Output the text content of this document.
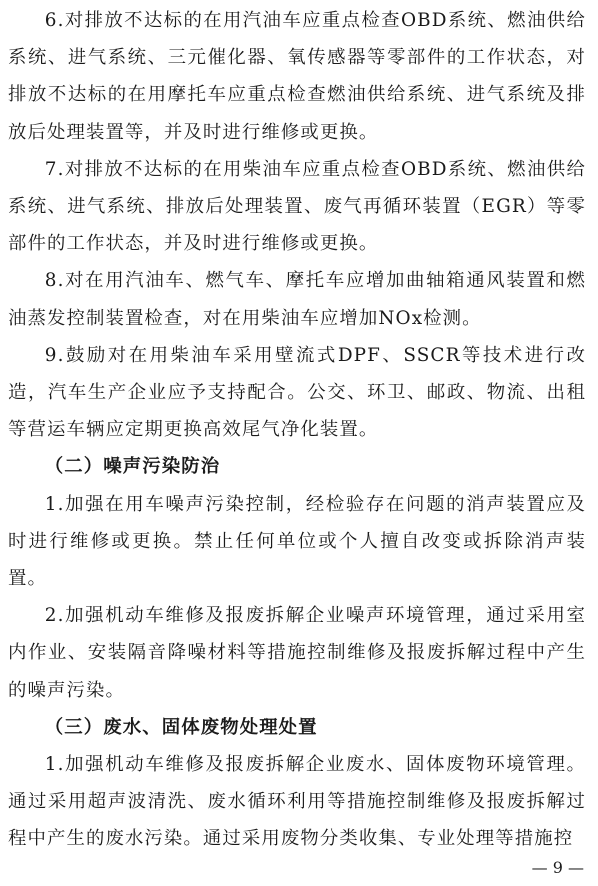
6.对排放不达标的在用汽油车应重点检查OBD系统、燃油供给系统、进气系统、三元催化器、氧传感器等零部件的工作状态，对排放不达标的在用摩托车应重点检查燃油供给系统、进气系统及排放后处理装置等，并及时进行维修或更换。

7.对排放不达标的在用柴油车应重点检查OBD系统、燃油供给系统、进气系统、排放后处理装置、废气再循环装置（EGR）等零部件的工作状态，并及时进行维修或更换。

8.对在用汽油车、燃气车、摩托车应增加曲轴箱通风装置和燃油蒸发控制装置检查，对在用柴油车应增加NOx检测。

9.鼓励对在用柴油车采用壁流式DPF、SSCR等技术进行改造，汽车生产企业应予支持配合。公交、环卫、邮政、物流、出租等营运车辆应定期更换高效尾气净化装置。

（二）噪声污染防治

1.加强在用车噪声污染控制，经检验存在问题的消声装置应及时进行维修或更换。禁止任何单位或个人擅自改变或拆除消声装置。

2.加强机动车维修及报废拆解企业噪声环境管理，通过采用室内作业、安装隔音降噪材料等措施控制维修及报废拆解过程中产生的噪声污染。

（三）废水、固体废物处理处置

1.加强机动车维修及报废拆解企业废水、固体废物环境管理。通过采用超声波清洗、废水循环利用等措施控制维修及报废拆解过程中产生的废水污染。通过采用废物分类收集、专业处理等措施控

— 9 —
